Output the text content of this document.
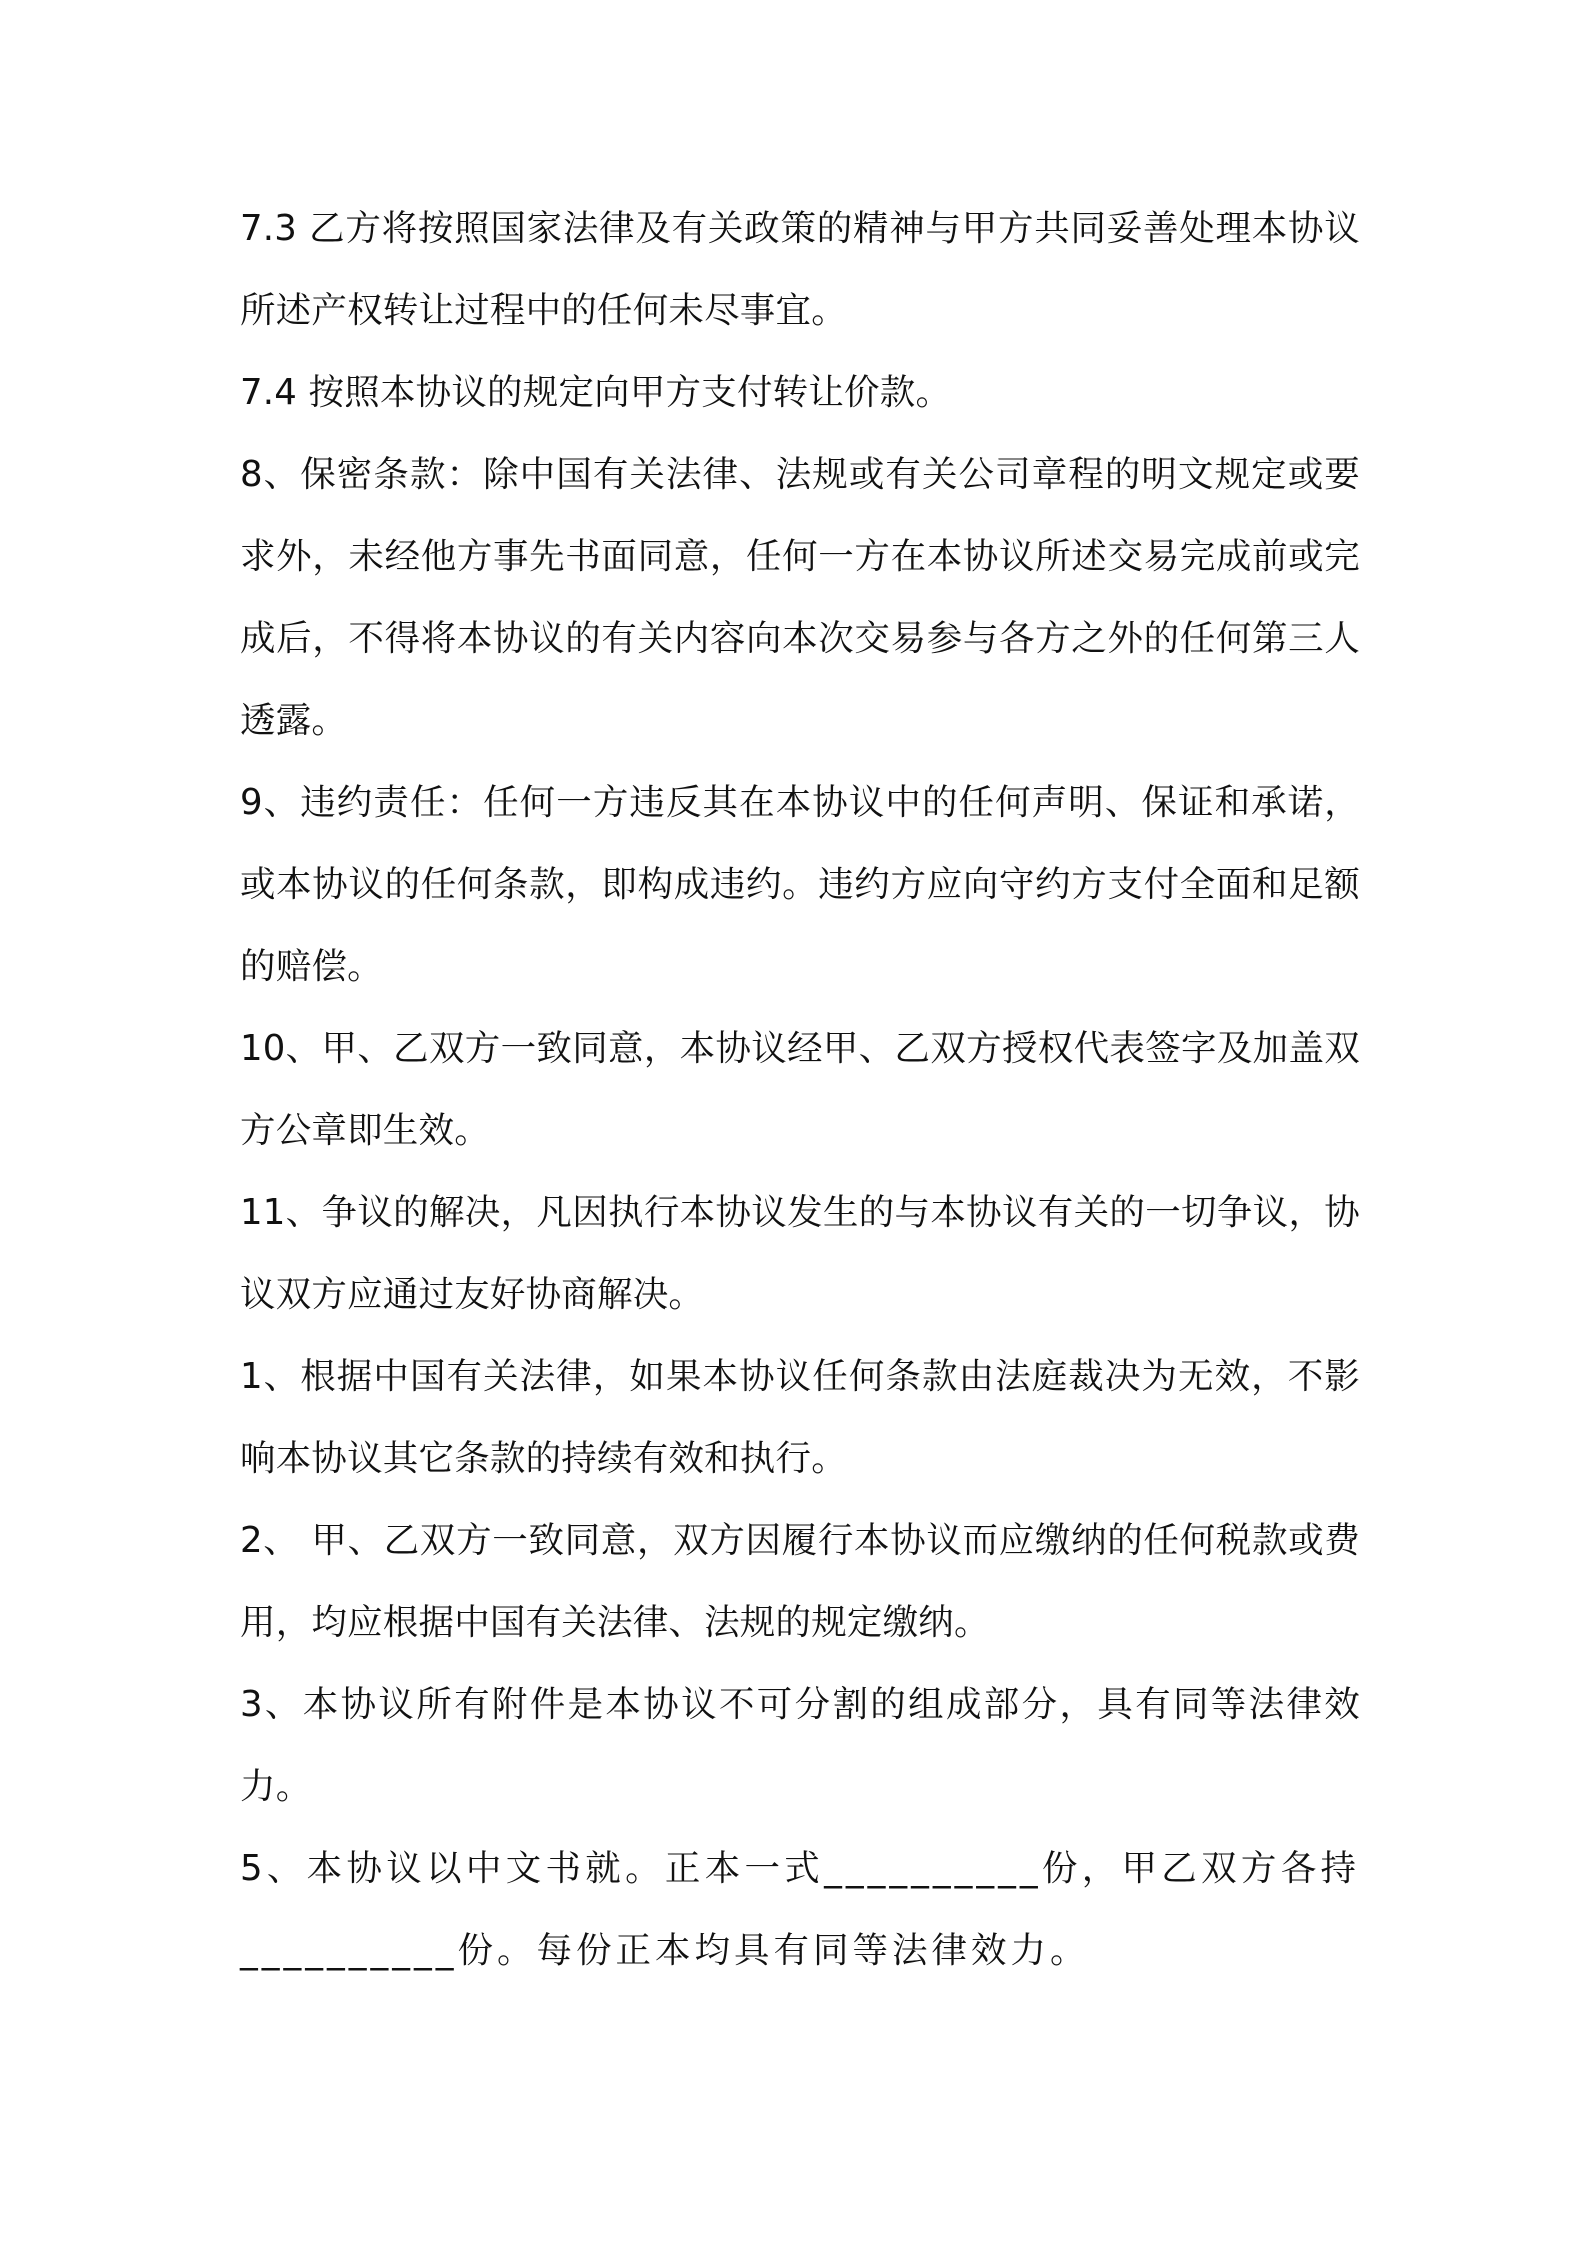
7.3 乙方将按照国家法律及有关政策的精神与甲方共同妥善处理本协议所述产权转让过程中的任何未尽事宜。

7.4 按照本协议的规定向甲方支付转让价款。

8、保密条款：除中国有关法律、法规或有关公司章程的明文规定或要求外，未经他方事先书面同意，任何一方在本协议所述交易完成前或完成后，不得将本协议的有关内容向本次交易参与各方之外的任何第三人透露。

9、违约责任：任何一方违反其在本协议中的任何声明、保证和承诺，或本协议的任何条款，即构成违约。违约方应向守约方支付全面和足额的赔偿。

10、甲、乙双方一致同意，本协议经甲、乙双方授权代表签字及加盖双方公章即生效。

11、争议的解决，凡因执行本协议发生的与本协议有关的一切争议，协议双方应通过友好协商解决。

1、根据中国有关法律，如果本协议任何条款由法庭裁决为无效，不影响本协议其它条款的持续有效和执行。

2、 甲、乙双方一致同意，双方因履行本协议而应缴纳的任何税款或费用，均应根据中国有关法律、法规的规定缴纳。

3、本协议所有附件是本协议不可分割的组成部分，具有同等法律效力。

5、本协议以中文书就。正本一式__________份，甲乙双方各持__________份。每份正本均具有同等法律效力。
